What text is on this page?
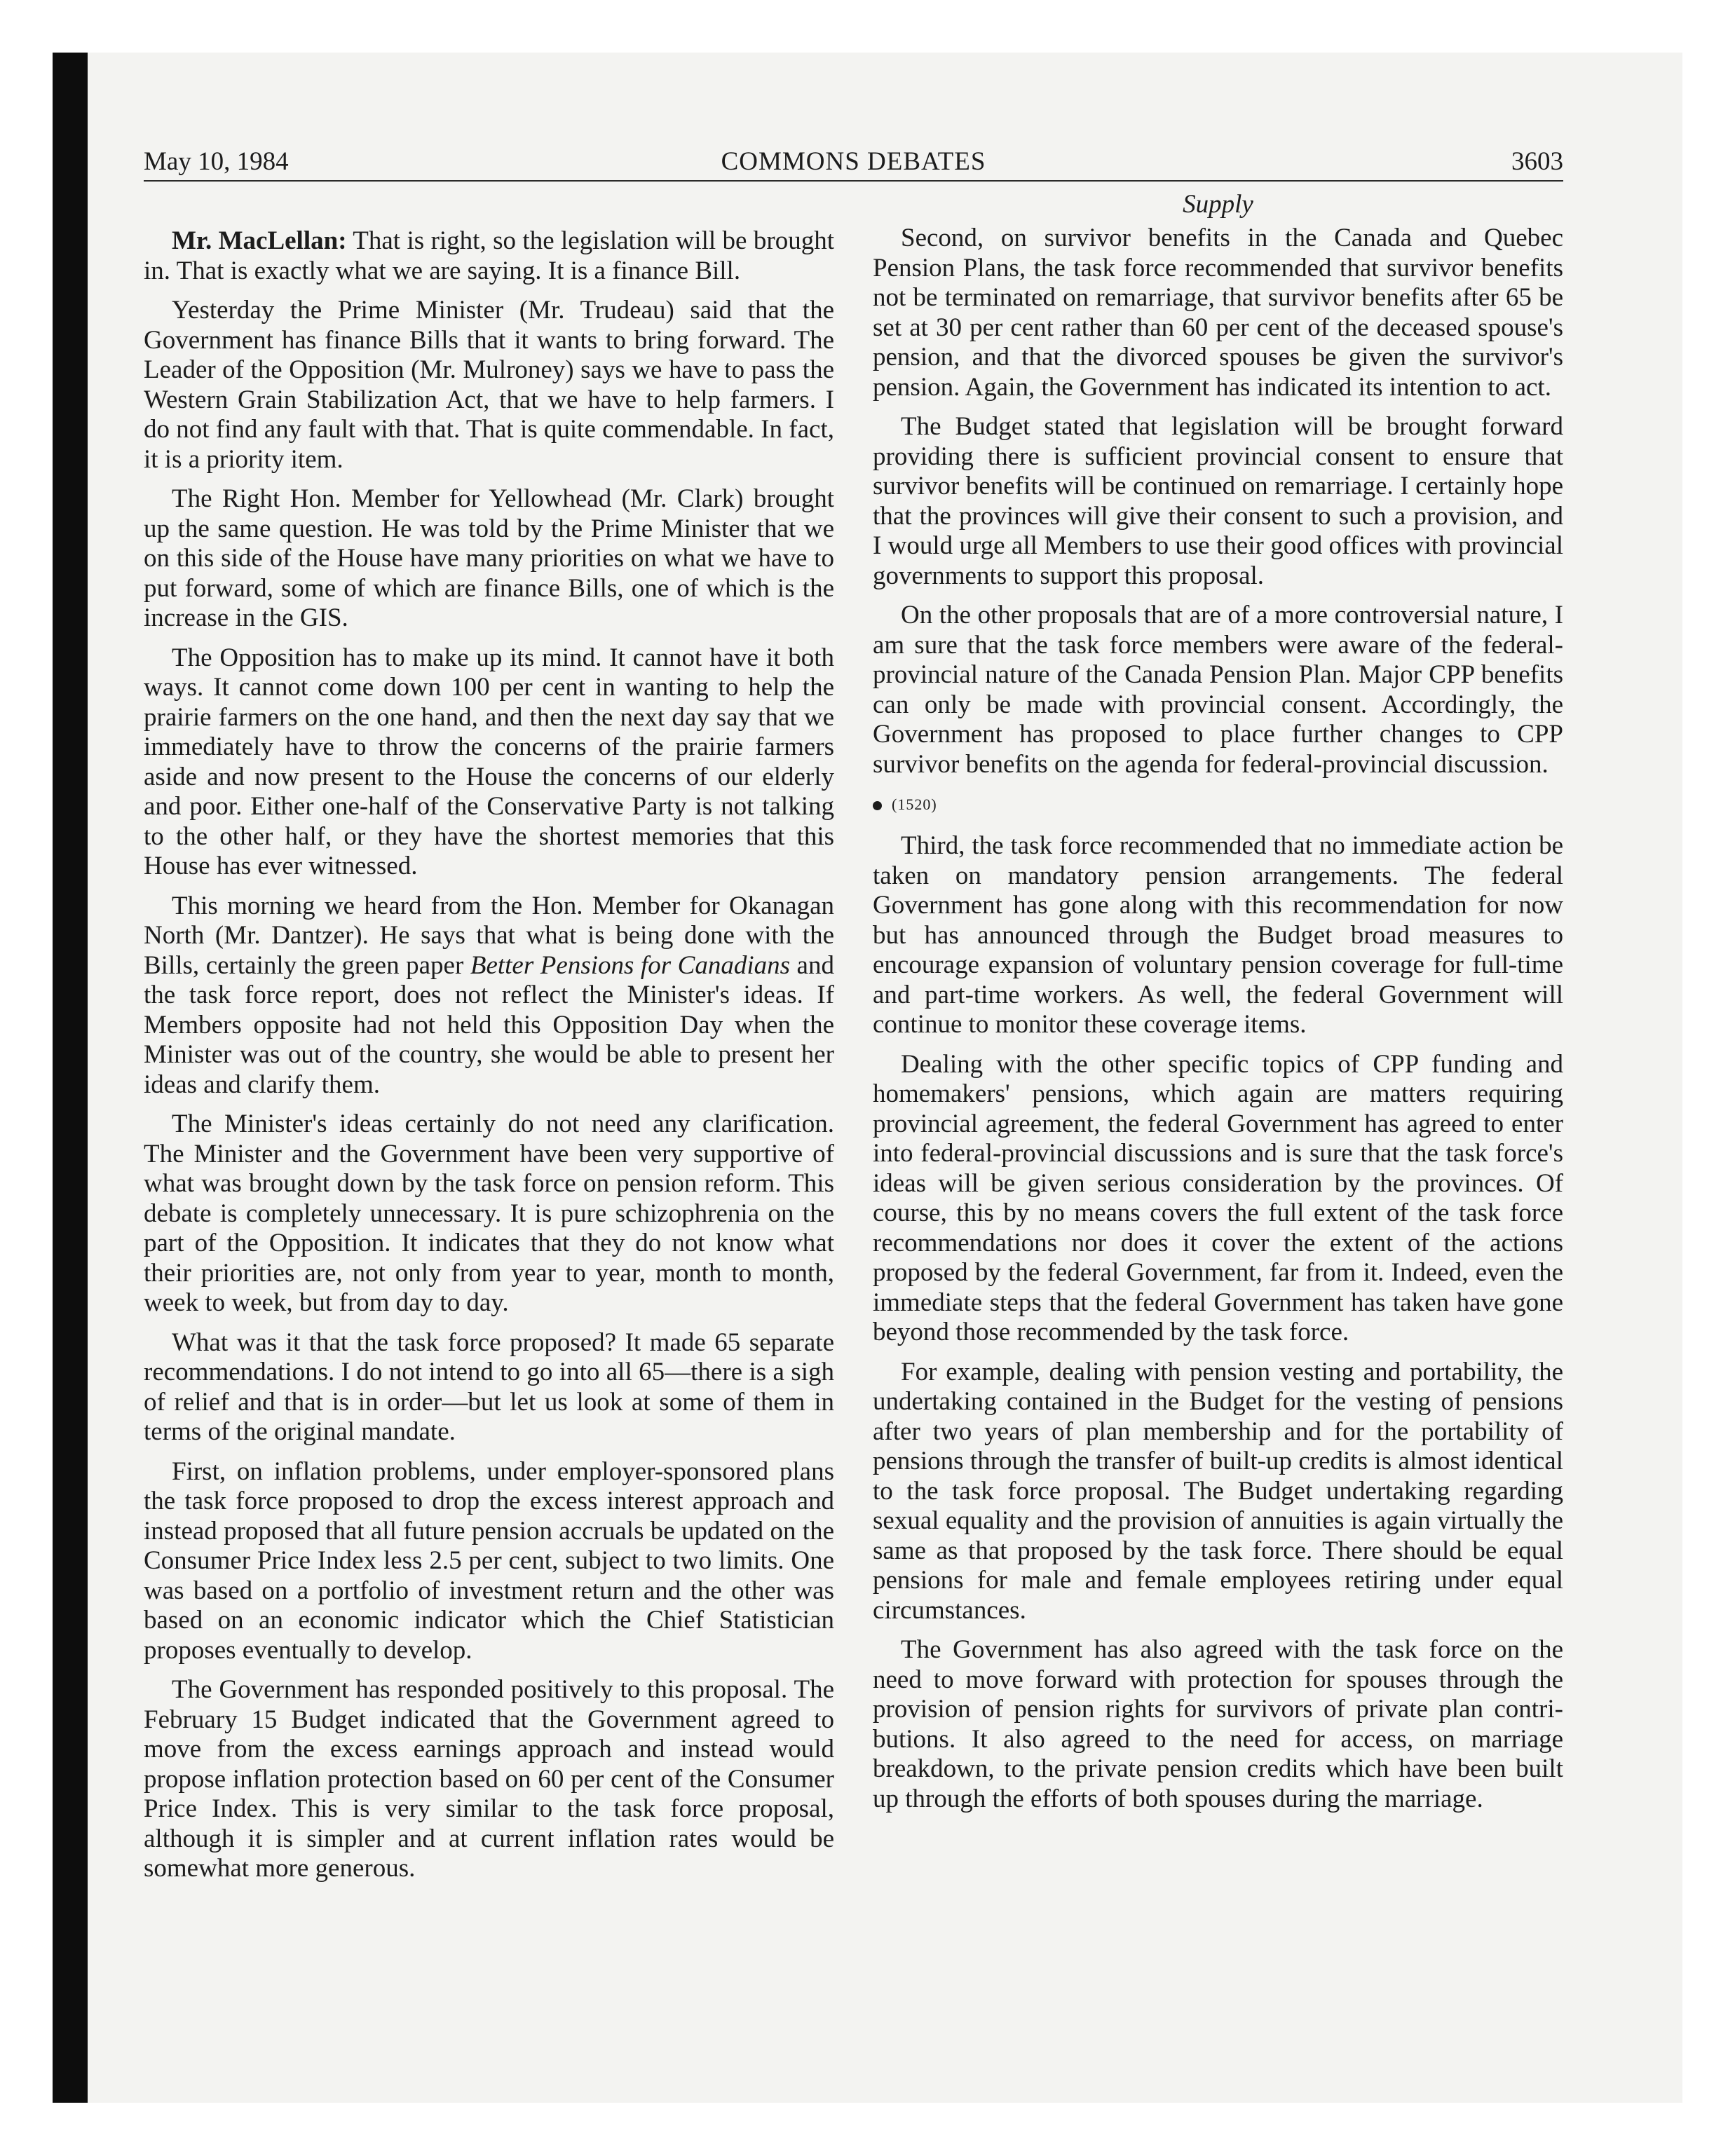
May 10, 1984	COMMONS DEBATES	3603

Mr. MacLellan: That is right, so the legislation will be brought in. That is exactly what we are saying. It is a finance Bill.

Yesterday the Prime Minister (Mr. Trudeau) said that the Government has finance Bills that it wants to bring forward. The Leader of the Opposition (Mr. Mulroney) says we have to pass the Western Grain Stabilization Act, that we have to help farmers. I do not find any fault with that. That is quite commendable. In fact, it is a priority item.

The Right Hon. Member for Yellowhead (Mr. Clark) brought up the same question. He was told by the Prime Minister that we on this side of the House have many priorities on what we have to put forward, some of which are finance Bills, one of which is the increase in the GIS.

The Opposition has to make up its mind. It cannot have it both ways. It cannot come down 100 per cent in wanting to help the prairie farmers on the one hand, and then the next day say that we immediately have to throw the concerns of the prairie farmers aside and now present to the House the concerns of our elderly and poor. Either one-half of the Conservative Party is not talking to the other half, or they have the shortest memories that this House has ever witnessed.

This morning we heard from the Hon. Member for Okanagan North (Mr. Dantzer). He says that what is being done with the Bills, certainly the green paper Better Pensions for Canadians and the task force report, does not reflect the Minister's ideas. If Members opposite had not held this Opposition Day when the Minister was out of the country, she would be able to present her ideas and clarify them.

The Minister's ideas certainly do not need any clarification. The Minister and the Government have been very supportive of what was brought down by the task force on pension reform. This debate is completely unnecessary. It is pure schizophrenia on the part of the Opposition. It indicates that they do not know what their priorities are, not only from year to year, month to month, week to week, but from day to day.

What was it that the task force proposed? It made 65 separate recommendations. I do not intend to go into all 65—there is a sigh of relief and that is in order—but let us look at some of them in terms of the original mandate.

First, on inflation problems, under employer-sponsored plans the task force proposed to drop the excess interest approach and instead proposed that all future pension accruals be updated on the Consumer Price Index less 2.5 per cent, subject to two limits. One was based on a portfolio of investment return and the other was based on an economic indicator which the Chief Statistician proposes eventually to develop.

The Government has responded positively to this proposal. The February 15 Budget indicated that the Government agreed to move from the excess earnings approach and instead would propose inflation protection based on 60 per cent of the Consumer Price Index. This is very similar to the task force proposal, although it is simpler and at current inflation rates would be somewhat more generous.

Supply

Second, on survivor benefits in the Canada and Quebec Pension Plans, the task force recommended that survivor benefits not be terminated on remarriage, that survivor benefits after 65 be set at 30 per cent rather than 60 per cent of the deceased spouse's pension, and that the divorced spouses be given the survivor's pension. Again, the Government has indicated its intention to act.

The Budget stated that legislation will be brought forward providing there is sufficient provincial consent to ensure that survivor benefits will be continued on remarriage. I certainly hope that the provinces will give their consent to such a provision, and I would urge all Members to use their good offices with provincial governments to support this proposal.

On the other proposals that are of a more controversial nature, I am sure that the task force members were aware of the federal-provincial nature of the Canada Pension Plan. Major CPP benefits can only be made with provincial consent. Accordingly, the Government has proposed to place further changes to CPP survivor benefits on the agenda for federal-provincial discussion.

(1520)

Third, the task force recommended that no immediate action be taken on mandatory pension arrangements. The federal Government has gone along with this recommendation for now but has announced through the Budget broad measures to encourage expansion of voluntary pension coverage for full-time and part-time workers. As well, the federal Government will continue to monitor these coverage items.

Dealing with the other specific topics of CPP funding and homemakers' pensions, which again are matters requiring provincial agreement, the federal Government has agreed to enter into federal-provincial discussions and is sure that the task force's ideas will be given serious consideration by the provinces. Of course, this by no means covers the full extent of the task force recommendations nor does it cover the extent of the actions proposed by the federal Government, far from it. Indeed, even the immediate steps that the federal Government has taken have gone beyond those recommended by the task force.

For example, dealing with pension vesting and portability, the undertaking contained in the Budget for the vesting of pensions after two years of plan membership and for the portability of pensions through the transfer of built-up credits is almost identical to the task force proposal. The Budget undertaking regarding sexual equality and the provision of annuities is again virtually the same as that proposed by the task force. There should be equal pensions for male and female employees retiring under equal circumstances.

The Government has also agreed with the task force on the need to move forward with protection for spouses through the provision of pension rights for survivors of private plan contributions. It also agreed to the need for access, on marriage breakdown, to the private pension credits which have been built up through the efforts of both spouses during the marriage.
